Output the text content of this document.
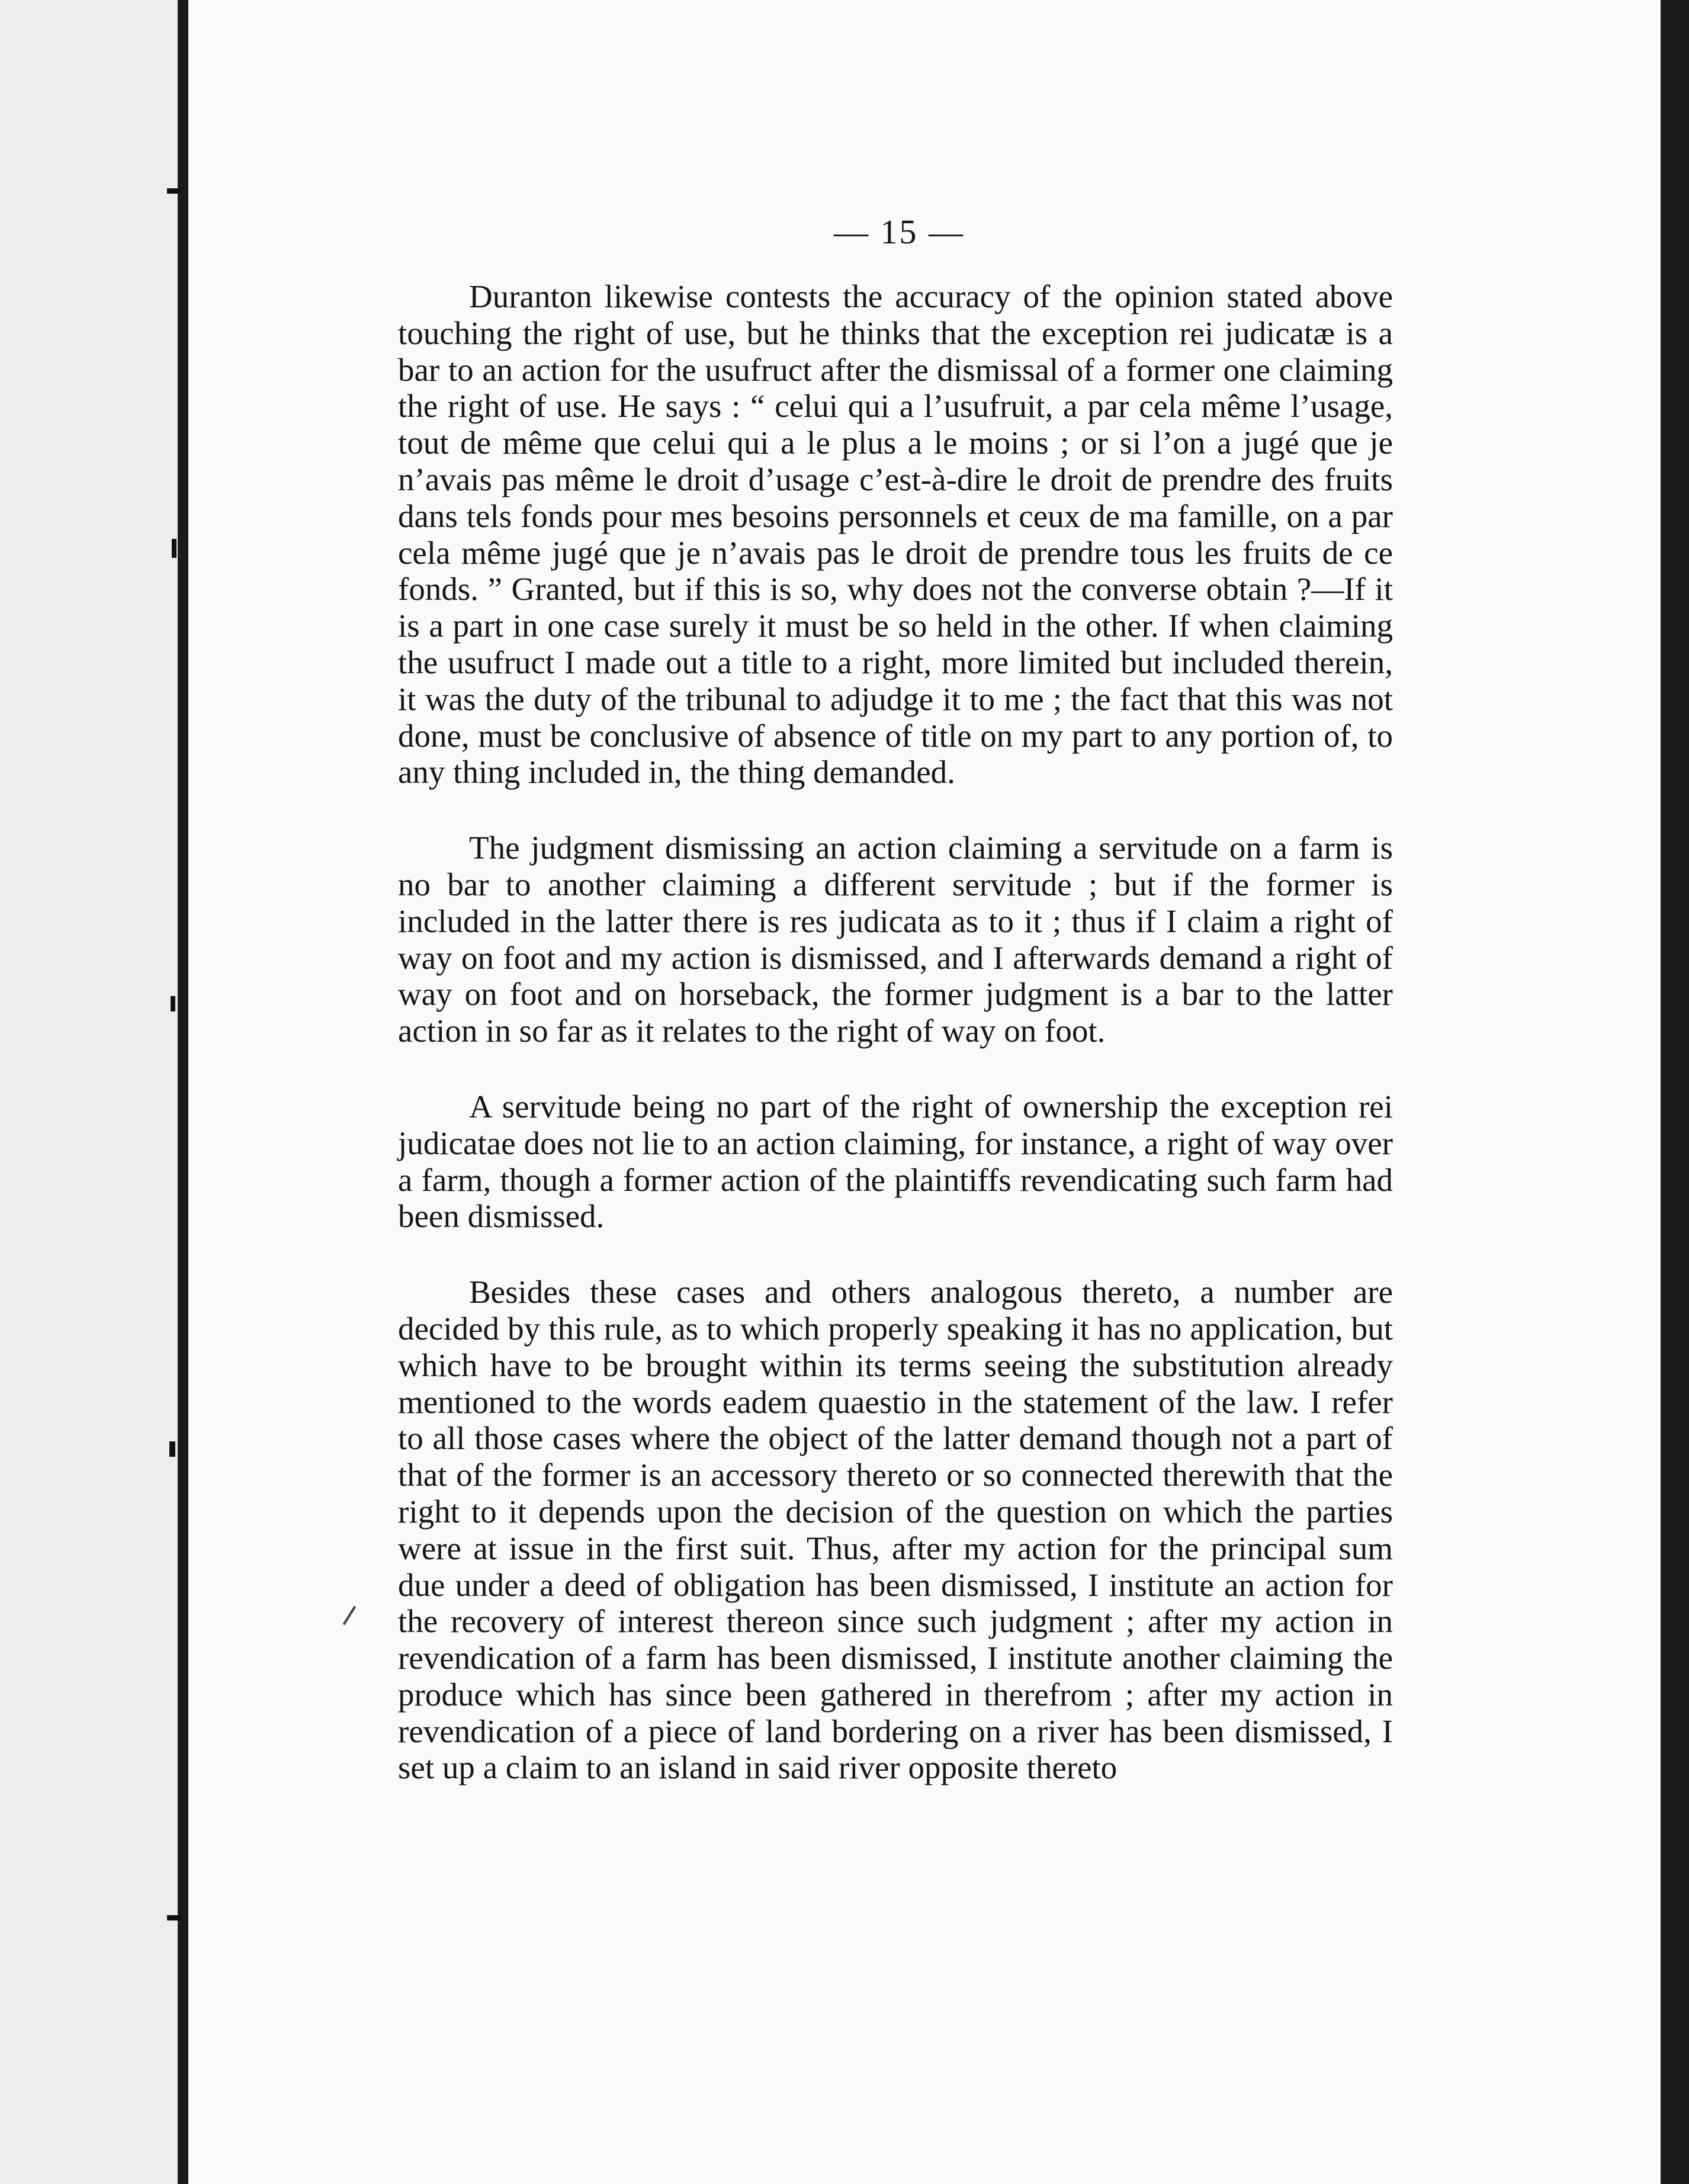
— 15 —

Duranton likewise contests the accuracy of the opinion stated above touching the right of use, but he thinks that the exception rei judicatæ is a bar to an action for the usufruct after the dismissal of a former one claiming the right of use. He says : “ celui qui a l’usufruit, a par cela même l’usage, tout de même que celui qui a le plus a le moins ; or si l’on a jugé que je n’avais pas même le droit d’usage c’est-à-dire le droit de prendre des fruits dans tels fonds pour mes besoins personnels et ceux de ma famille, on a par cela même jugé que je n’avais pas le droit de prendre tous les fruits de ce fonds. ” Granted, but if this is so, why does not the converse obtain ?—If it is a part in one case surely it must be so held in the other. If when claiming the usufruct I made out a title to a right, more limited but included therein, it was the duty of the tribunal to adjudge it to me ; the fact that this was not done, must be conclusive of absence of title on my part to any portion of, to any thing included in, the thing demanded.

The judgment dismissing an action claiming a servitude on a farm is no bar to another claiming a different servitude ; but if the former is included in the latter there is res judicata as to it ; thus if I claim a right of way on foot and my action is dismissed, and I afterwards demand a right of way on foot and on horseback, the former judgment is a bar to the latter action in so far as it relates to the right of way on foot.

A servitude being no part of the right of ownership the exception rei judicatae does not lie to an action claiming, for instance, a right of way over a farm, though a former action of the plaintiffs revendicating such farm had been dismissed.

Besides these cases and others analogous thereto, a number are decided by this rule, as to which properly speaking it has no application, but which have to be brought within its terms seeing the substitution already mentioned to the words eadem quaestio in the statement of the law. I refer to all those cases where the object of the latter demand though not a part of that of the former is an accessory thereto or so connected therewith that the right to it depends upon the decision of the question on which the parties were at issue in the first suit. Thus, after my action for the principal sum due under a deed of obligation has been dismissed, I institute an action for the recovery of interest thereon since such judgment ; after my action in revendication of a farm has been dismissed, I institute another claiming the produce which has since been gathered in therefrom ; after my action in revendication of a piece of land bordering on a river has been dismissed, I set up a claim to an island in said river opposite thereto
